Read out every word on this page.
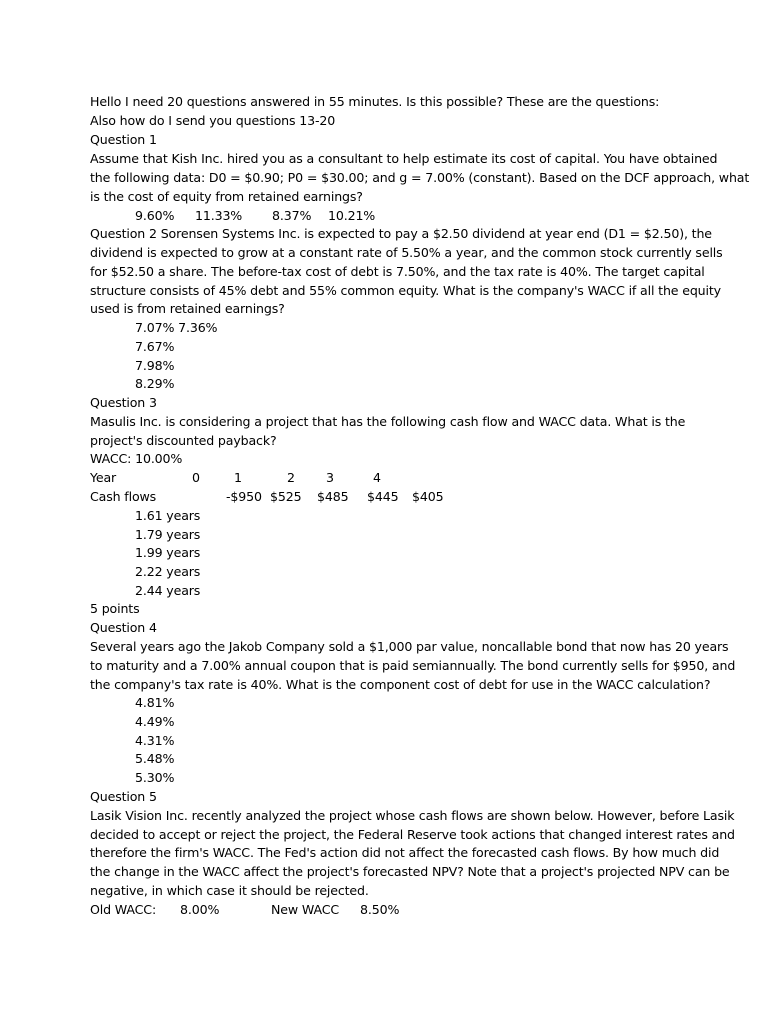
Hello I need 20 questions answered in 55 minutes. Is this possible? These are the questions:
Also how do I send you questions 13-20
Question 1
Assume that Kish Inc. hired you as a consultant to help estimate its cost of capital. You have obtained
the following data: D0 = $0.90; P0 = $30.00; and g = 7.00% (constant). Based on the DCF approach, what
is the cost of equity from retained earnings?
9.60% 11.33% 8.37% 10.21%
Question 2 Sorensen Systems Inc. is expected to pay a $2.50 dividend at year end (D1 = $2.50), the
dividend is expected to grow at a constant rate of 5.50% a year, and the common stock currently sells
for $52.50 a share. The before-tax cost of debt is 7.50%, and the tax rate is 40%. The target capital
structure consists of 45% debt and 55% common equity. What is the company's WACC if all the equity
used is from retained earnings?
7.07% 7.36%
7.67%
7.98%
8.29%
Question 3
Masulis Inc. is considering a project that has the following cash flow and WACC data. What is the
project's discounted payback?
WACC: 10.00%
Year	0	1	2 3	4
Cash flows	-$950 $525 $485 $445 $405
1.61 years
1.79 years
1.99 years
2.22 years
2.44 years
5 points
Question 4
Several years ago the Jakob Company sold a $1,000 par value, noncallable bond that now has 20 years
to maturity and a 7.00% annual coupon that is paid semiannually. The bond currently sells for $950, and
the company's tax rate is 40%. What is the component cost of debt for use in the WACC calculation?
4.81%
4.49%
4.31%
5.48%
5.30%
Question 5
Lasik Vision Inc. recently analyzed the project whose cash flows are shown below. However, before Lasik
decided to accept or reject the project, the Federal Reserve took actions that changed interest rates and
therefore the firm's WACC. The Fed's action did not affect the forecasted cash flows. By how much did
the change in the WACC affect the project's forecasted NPV? Note that a project's projected NPV can be
negative, in which case it should be rejected.
Old WACC: 8.00%	New WACC 8.50%
